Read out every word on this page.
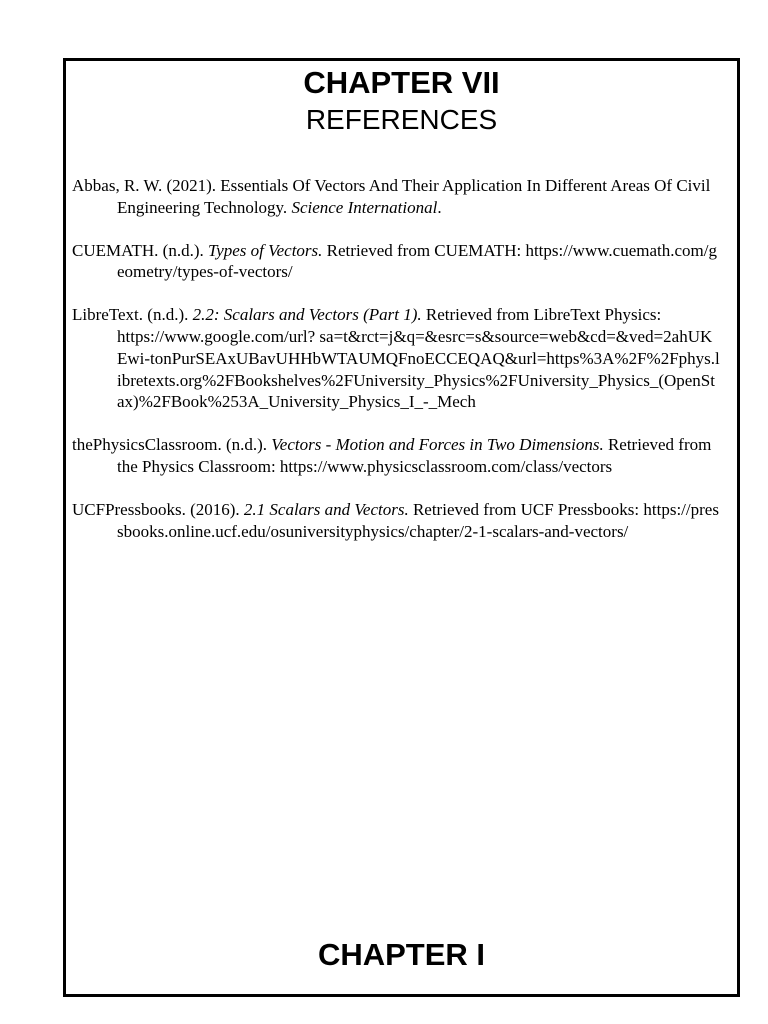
CHAPTER VII
REFERENCES

Abbas, R. W. (2021). Essentials Of Vectors And Their Application In Different Areas Of Civil Engineering Technology. Science International.

CUEMATH. (n.d.). Types of Vectors. Retrieved from CUEMATH: https://www.cuemath.com/geometry/types-of-vectors/

LibreText. (n.d.). 2.2: Scalars and Vectors (Part 1). Retrieved from LibreText Physics: https://www.google.com/url? sa=t&rct=j&q=&esrc=s&source=web&cd=&ved=2ahUKEwi-tonPurSEAxUBavUHHbWTAUMQFnoECCEQAQ&url=https%3A%2F%2Fphys.libretexts.org%2FBookshelves%2FUniversity_Physics%2FUniversity_Physics_(OpenStax)%2FBook%253A_University_Physics_I_-_Mech

thePhysicsClassroom. (n.d.). Vectors - Motion and Forces in Two Dimensions. Retrieved from the Physics Classroom: https://www.physicsclassroom.com/class/vectors

UCFPressbooks. (2016). 2.1 Scalars and Vectors. Retrieved from UCF Pressbooks: https://pressbooks.online.ucf.edu/osuniversityphysics/chapter/2-1-scalars-and-vectors/

CHAPTER I
